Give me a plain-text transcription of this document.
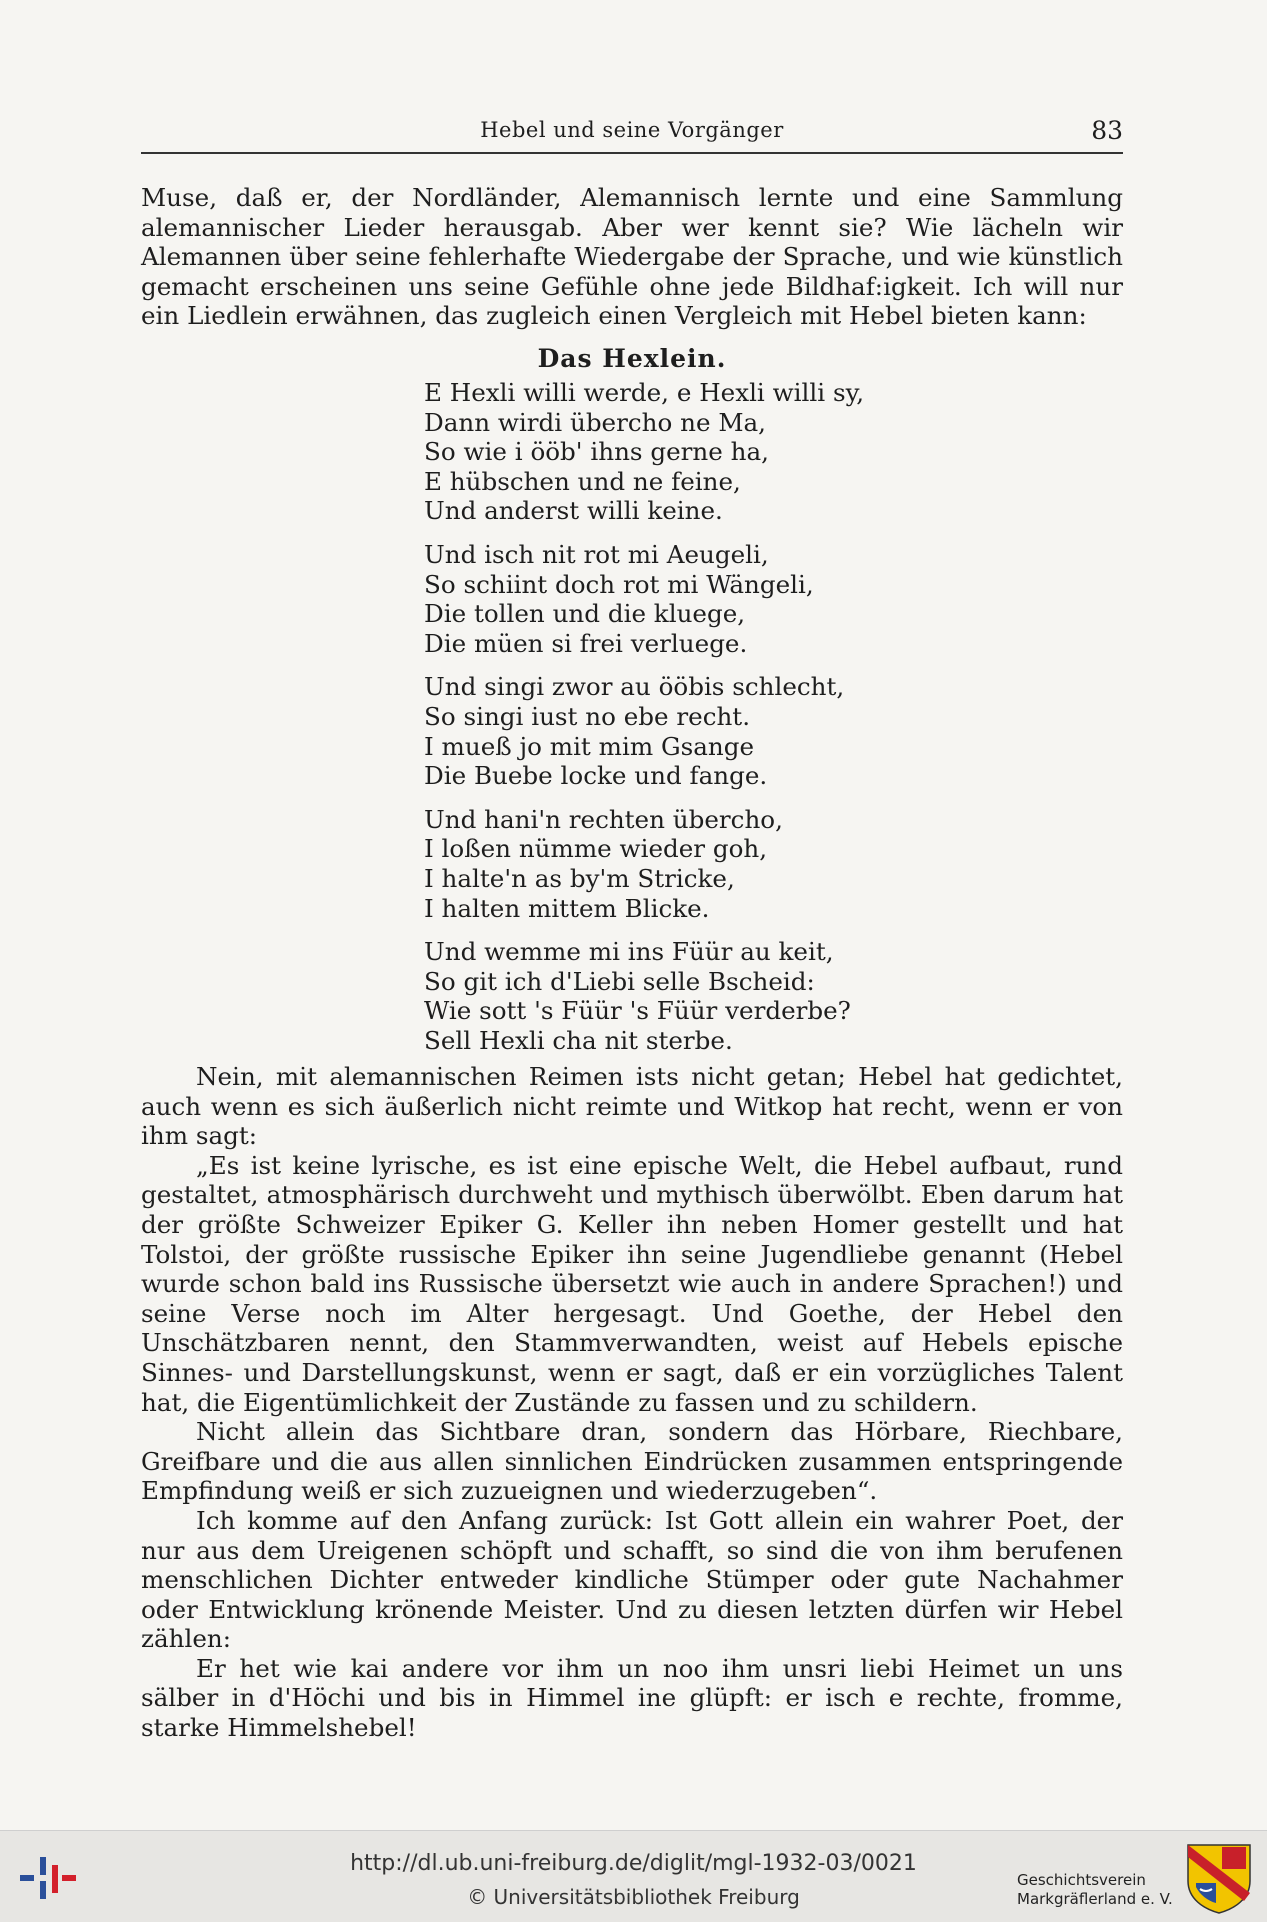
Hebel und seine Vorgänger	83

Muse, daß er, der Nordländer, Alemannisch lernte und eine Sammlung alemannischer Lieder herausgab. Aber wer kennt sie? Wie lächeln wir Alemannen über seine fehlerhafte Wiedergabe der Sprache, und wie künstlich gemacht erscheinen uns seine Gefühle ohne jede Bildhaf:igkeit. Ich will nur ein Liedlein erwähnen, das zugleich einen Vergleich mit Hebel bieten kann:

Das Hexlein.
E Hexli willi werde, e Hexli willi sy,
Dann wirdi übercho ne Ma,
So wie i ööb' ihns gerne ha,
E hübschen und ne feine,
Und anderst willi keine.
Und isch nit rot mi Aeugeli,
So schiint doch rot mi Wängeli,
Die tollen und die kluege,
Die müen si frei verluege.
Und singi zwor au ööbis schlecht,
So singi iust no ebe recht.
I mueß jo mit mim Gsange
Die Buebe locke und fange.
Und hani'n rechten übercho,
I loßen nümme wieder goh,
I halte'n as by'm Stricke,
I halten mittem Blicke.
Und wemme mi ins Füür au keit,
So git ich d'Liebi selle Bscheid:
Wie sott 's Füür 's Füür verderbe?
Sell Hexli cha nit sterbe.

Nein, mit alemannischen Reimen ists nicht getan; Hebel hat gedichtet, auch wenn es sich äußerlich nicht reimte und Witkop hat recht, wenn er von ihm sagt:

„Es ist keine lyrische, es ist eine epische Welt, die Hebel aufbaut, rund gestaltet, atmosphärisch durchweht und mythisch überwölbt. Eben darum hat der größte Schweizer Epiker G. Keller ihn neben Homer gestellt und hat Tolstoi, der größte russische Epiker ihn seine Jugendliebe genannt (Hebel wurde schon bald ins Russische übersetzt wie auch in andere Sprachen!) und seine Verse noch im Alter hergesagt. Und Goethe, der Hebel den Unschätzbaren nennt, den Stammverwandten, weist auf Hebels epische Sinnes- und Darstellungskunst, wenn er sagt, daß er ein vorzügliches Talent hat, die Eigentümlichkeit der Zustände zu fassen und zu schildern.

Nicht allein das Sichtbare dran, sondern das Hörbare, Riechbare, Greifbare und die aus allen sinnlichen Eindrücken zusammen entspringende Empfindung weiß er sich zuzueignen und wiederzugeben“.

Ich komme auf den Anfang zurück: Ist Gott allein ein wahrer Poet, der nur aus dem Ureigenen schöpft und schafft, so sind die von ihm berufenen menschlichen Dichter entweder kindliche Stümper oder gute Nachahmer oder Entwicklung krönende Meister. Und zu diesen letzten dürfen wir Hebel zählen:

Er het wie kai andere vor ihm un noo ihm unsri liebi Heimet un uns sälber in d'Höchi und bis in Himmel ine glüpft: er isch e rechte, fromme, starke Himmelshebel!

http://dl.ub.uni-freiburg.de/diglit/mgl-1932-03/0021
© Universitätsbibliothek Freiburg
Geschichtsverein
Markgräflerland e. V.
